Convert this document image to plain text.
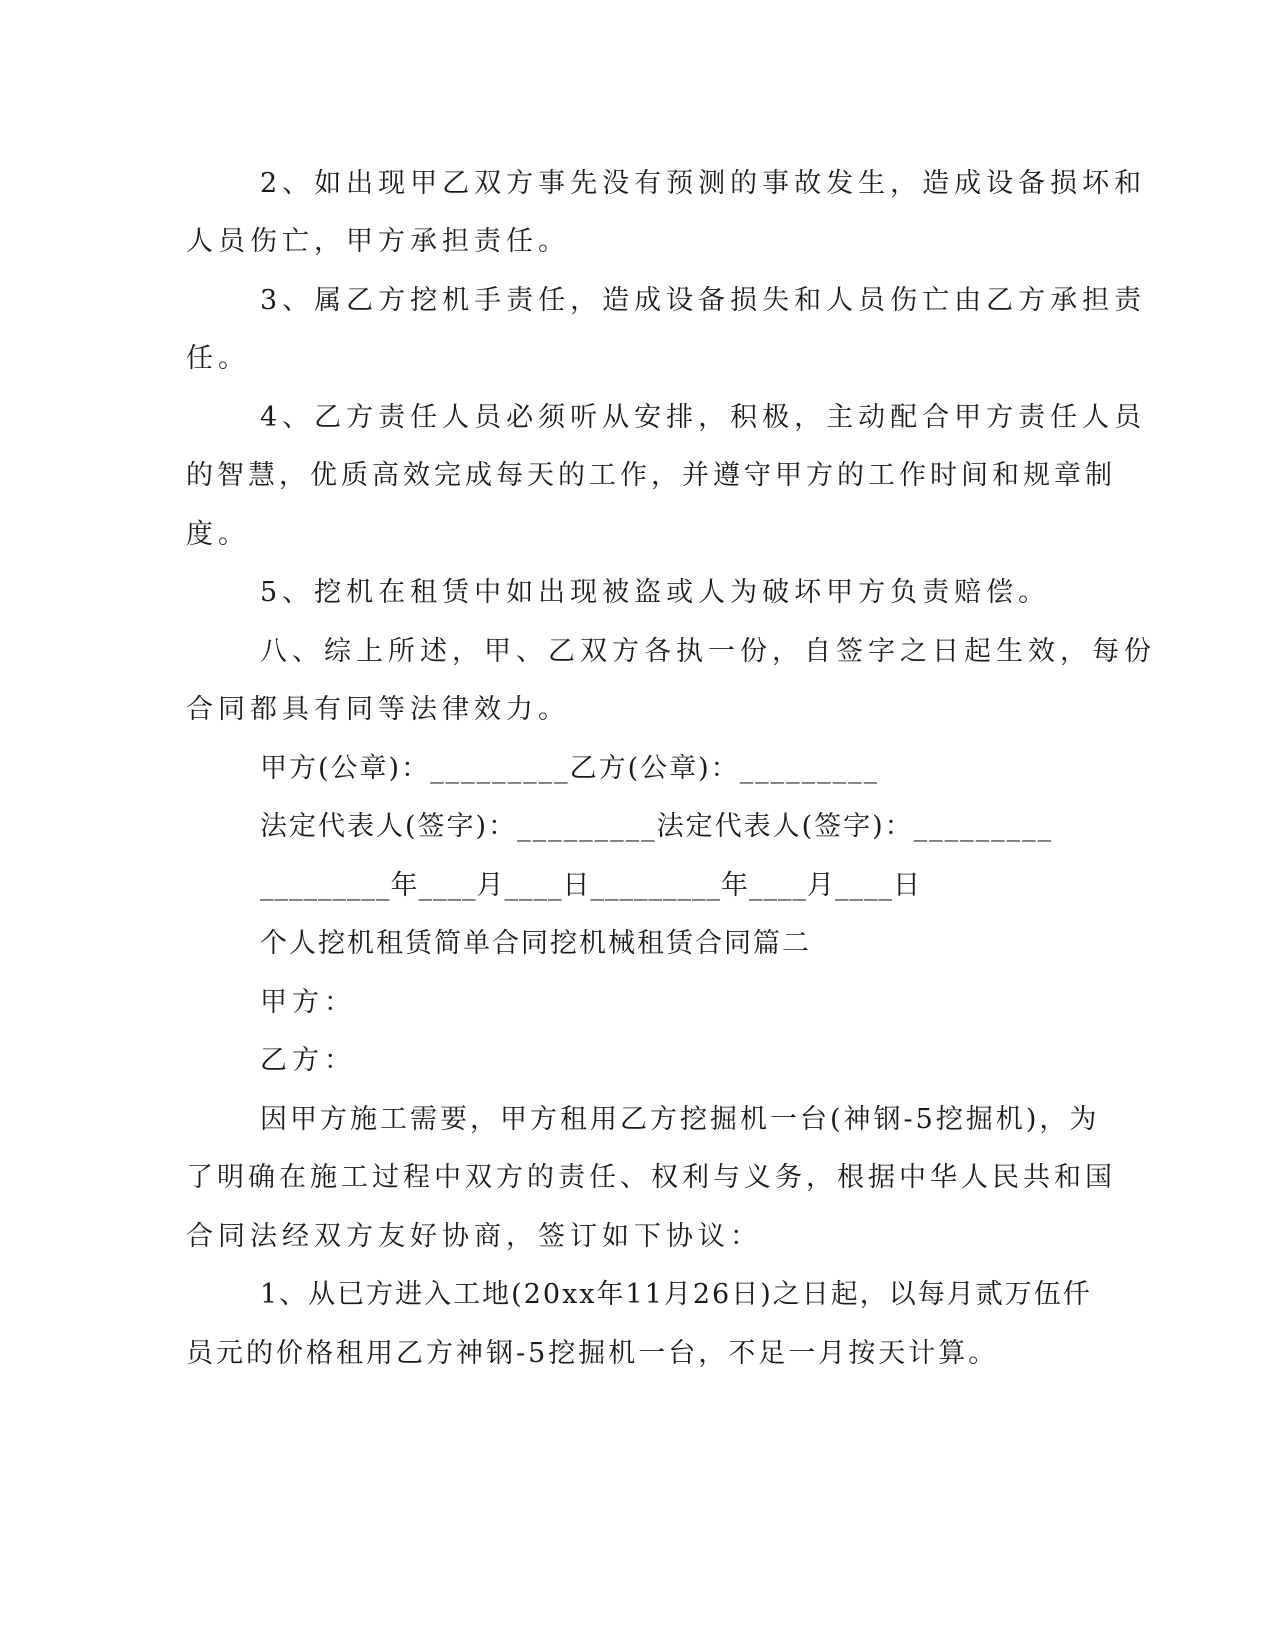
2、如出现甲乙双方事先没有预测的事故发生，造成设备损坏和
人员伤亡，甲方承担责任。
3、属乙方挖机手责任，造成设备损失和人员伤亡由乙方承担责
任。
4、乙方责任人员必须听从安排，积极，主动配合甲方责任人员
的智慧，优质高效完成每天的工作，并遵守甲方的工作时间和规章制
度。
5、挖机在租赁中如出现被盗或人为破坏甲方负责赔偿。
八、综上所述，甲、乙双方各执一份，自签字之日起生效，每份
合同都具有同等法律效力。
甲方(公章)：_________乙方(公章)：_________
法定代表人(签字)：_________法定代表人(签字)：_________
_________年____月____日_________年____月____日
个人挖机租赁简单合同挖机械租赁合同篇二
甲方：
乙方：
因甲方施工需要，甲方租用乙方挖掘机一台(神钢-5挖掘机)，为
了明确在施工过程中双方的责任、权利与义务，根据中华人民共和国
合同法经双方友好协商，签订如下协议：
1、从已方进入工地(20xx年11月26日)之日起，以每月贰万伍仟
员元的价格租用乙方神钢-5挖掘机一台，不足一月按天计算。
